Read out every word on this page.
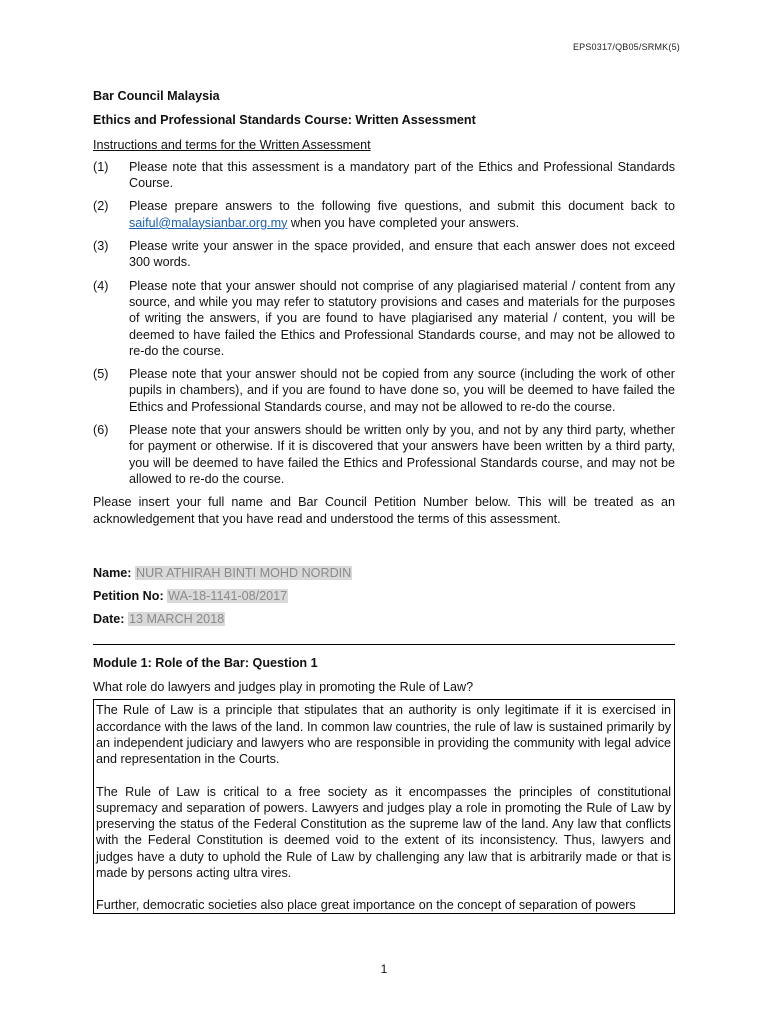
EPS0317/QB05/SRMK(5)
Bar Council Malaysia
Ethics and Professional Standards Course: Written Assessment
Instructions and terms for the Written Assessment
(1)	Please note that this assessment is a mandatory part of the Ethics and Professional Standards Course.
(2)	Please prepare answers to the following five questions, and submit this document back to saiful@malaysianbar.org.my when you have completed your answers.
(3)	Please write your answer in the space provided, and ensure that each answer does not exceed 300 words.
(4)	Please note that your answer should not comprise of any plagiarised material / content from any source, and while you may refer to statutory provisions and cases and materials for the purposes of writing the answers, if you are found to have plagiarised any material / content, you will be deemed to have failed the Ethics and Professional Standards course, and may not be allowed to re-do the course.
(5)	Please note that your answer should not be copied from any source (including the work of other pupils in chambers), and if you are found to have done so, you will be deemed to have failed the Ethics and Professional Standards course, and may not be allowed to re-do the course.
(6)	Please note that your answers should be written only by you, and not by any third party, whether for payment or otherwise. If it is discovered that your answers have been written by a third party, you will be deemed to have failed the Ethics and Professional Standards course, and may not be allowed to re-do the course.
Please insert your full name and Bar Council Petition Number below. This will be treated as an acknowledgement that you have read and understood the terms of this assessment.
Name: NUR ATHIRAH BINTI MOHD NORDIN
Petition No: WA-18-1141-08/2017
Date: 13 MARCH 2018
Module 1: Role of the Bar: Question 1
What role do lawyers and judges play in promoting the Rule of Law?

The Rule of Law is a principle that stipulates that an authority is only legitimate if it is exercised in accordance with the laws of the land. In common law countries, the rule of law is sustained primarily by an independent judiciary and lawyers who are responsible in providing the community with legal advice and representation in the Courts.

The Rule of Law is critical to a free society as it encompasses the principles of constitutional supremacy and separation of powers. Lawyers and judges play a role in promoting the Rule of Law by preserving the status of the Federal Constitution as the supreme law of the land. Any law that conflicts with the Federal Constitution is deemed void to the extent of its inconsistency. Thus, lawyers and judges have a duty to uphold the Rule of Law by challenging any law that is arbitrarily made or that is made by persons acting ultra vires.

Further, democratic societies also place great importance on the concept of separation of powers

1
